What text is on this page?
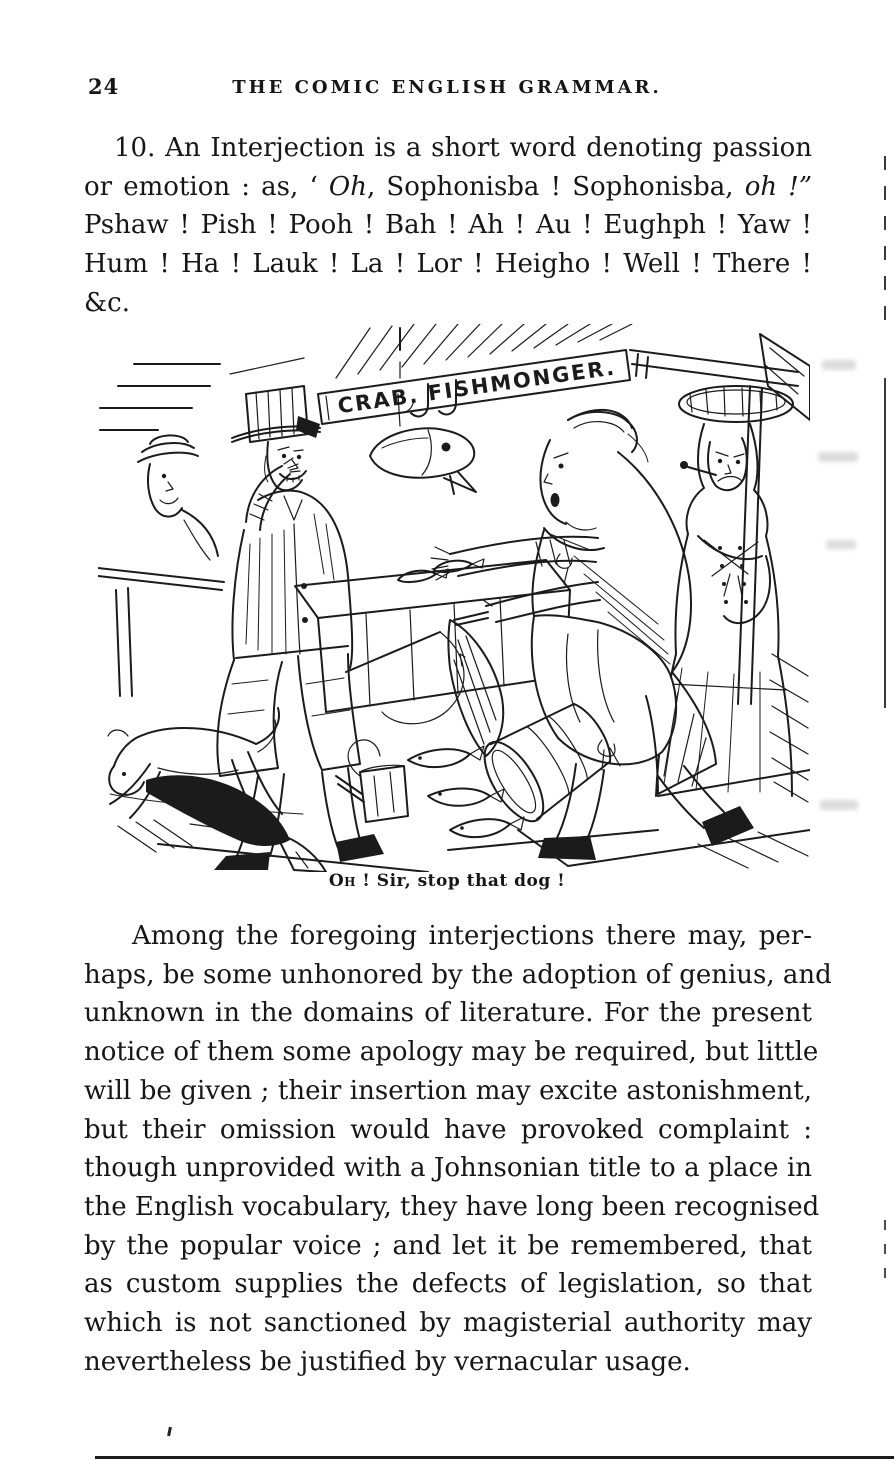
24	THE COMIC ENGLISH GRAMMAR.
10. An Interjection is a short word denoting passion
or emotion : as, ‘ Oh, Sophonisba ! Sophonisba, oh !”
Pshaw ! Pish ! Pooh ! Bah ! Ah ! Au ! Eughph ! Yaw !
Hum ! Ha ! Lauk ! La ! Lor ! Heigho ! Well ! There !
&c.
CRAB. FISHMONGER.
Oh ! Sir, stop that dog !
Among the foregoing interjections there may, per-
haps, be some unhonored by the adoption of genius, and
unknown in the domains of literature. For the present
notice of them some apology may be required, but little
will be given ; their insertion may excite astonishment,
but their omission would have provoked complaint :
though unprovided with a Johnsonian title to a place in
the English vocabulary, they have long been recognised
by the popular voice ; and let it be remembered, that
as custom supplies the defects of legislation, so that
which is not sanctioned by magisterial authority may
nevertheless be justified by vernacular usage.
